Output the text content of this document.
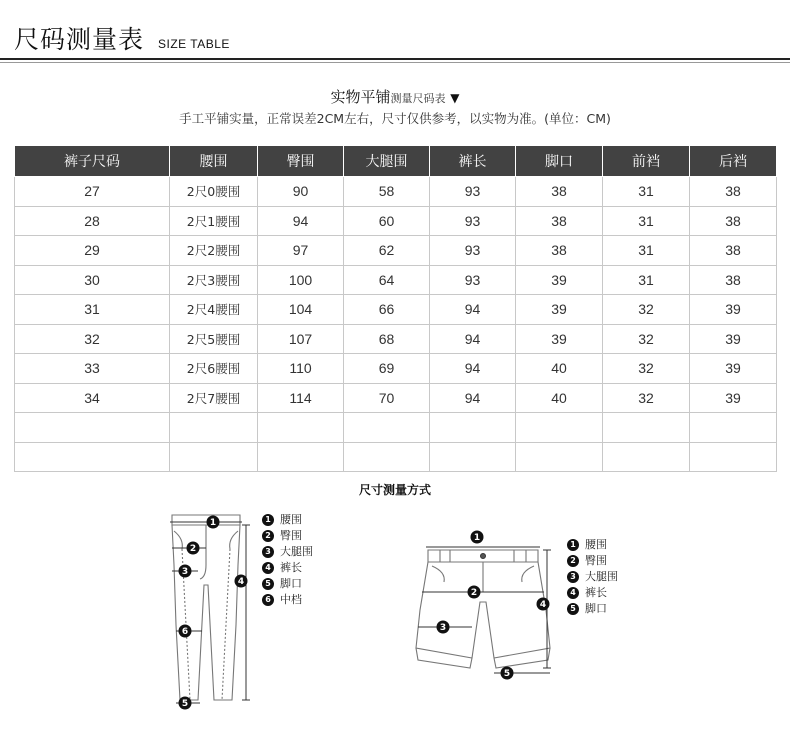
尺码测量表 SIZE TABLE
实物平铺测量尺码表 ▼
手工平铺实量，正常误差2CM左右，尺寸仅供参考，以实物为准。(单位：CM)
裤子尺码	腰围	臀围	大腿围	裤长	脚口	前裆	后裆
27	2尺0腰围	90	58	93	38	31	38
28	2尺1腰围	94	60	93	38	31	38
29	2尺2腰围	97	62	93	38	31	38
30	2尺3腰围	100	64	93	39	31	38
31	2尺4腰围	104	66	94	39	32	39
32	2尺5腰围	107	68	94	39	32	39
33	2尺6腰围	110	69	94	40	32	39
34	2尺7腰围	114	70	94	40	32	39

尺寸测量方式
1
2
3
4
5
6
1 腰围
2 臀围
3 大腿围
4 裤长
5 脚口
6 中档
1
2
3
4
5
1 腰围
2 臀围
3 大腿围
4 裤长
5 脚口
